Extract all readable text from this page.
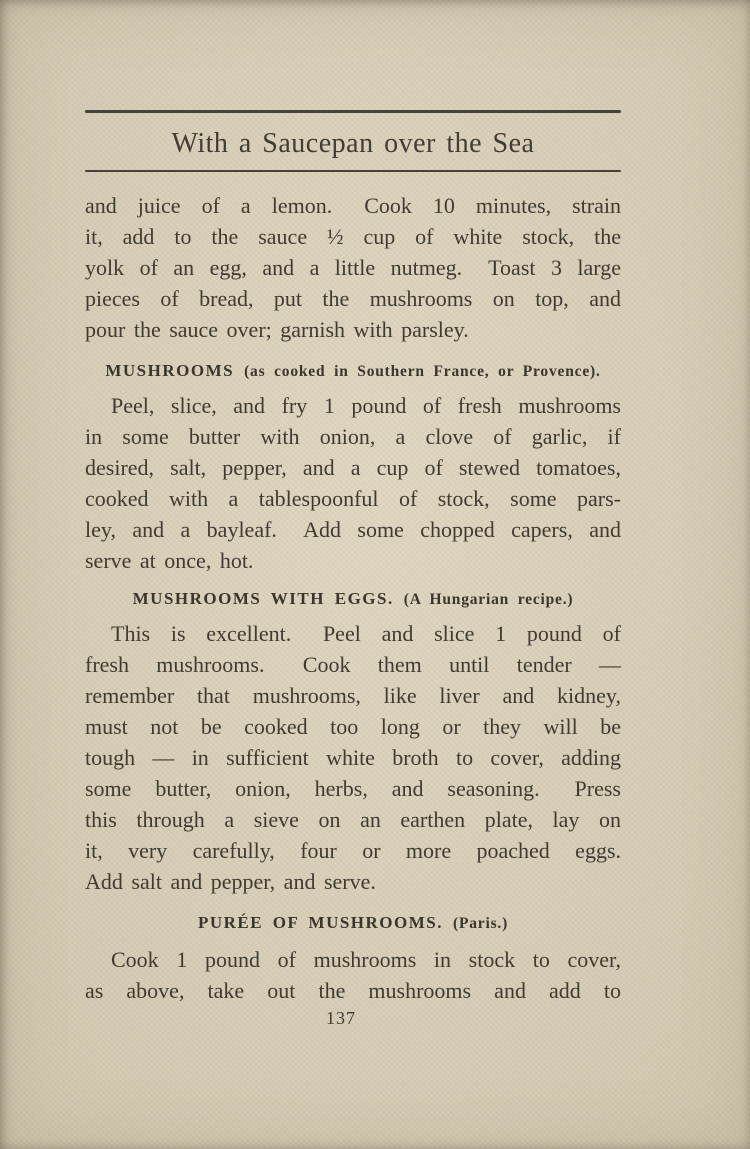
With a Saucepan over the Sea

and juice of a lemon.  Cook 10 minutes, strain
it, add to the sauce ½ cup of white stock, the
yolk of an egg, and a little nutmeg.  Toast 3 large
pieces of bread, put the mushrooms on top, and
pour the sauce over; garnish with parsley.

MUSHROOMS  (as cooked in Southern France, or Provence).

Peel, slice, and fry 1 pound of fresh mushrooms
in some butter with onion, a clove of garlic, if
desired, salt, pepper, and a cup of stewed tomatoes,
cooked with a tablespoonful of stock, some pars-
ley, and a bayleaf.  Add some chopped capers, and
serve at once, hot.

MUSHROOMS WITH EGGS.  (A Hungarian recipe.)

This is excellent.  Peel and slice 1 pound of
fresh mushrooms.  Cook them until tender —
remember that mushrooms, like liver and kidney,
must not be cooked too long or they will be
tough — in sufficient white broth to cover, adding
some butter, onion, herbs, and seasoning.  Press
this through a sieve on an earthen plate, lay on
it, very carefully, four or more poached eggs.
Add salt and pepper, and serve.

PURÉE OF MUSHROOMS.  (Paris.)

Cook 1 pound of mushrooms in stock to cover,
as above, take out the mushrooms and add to

137
